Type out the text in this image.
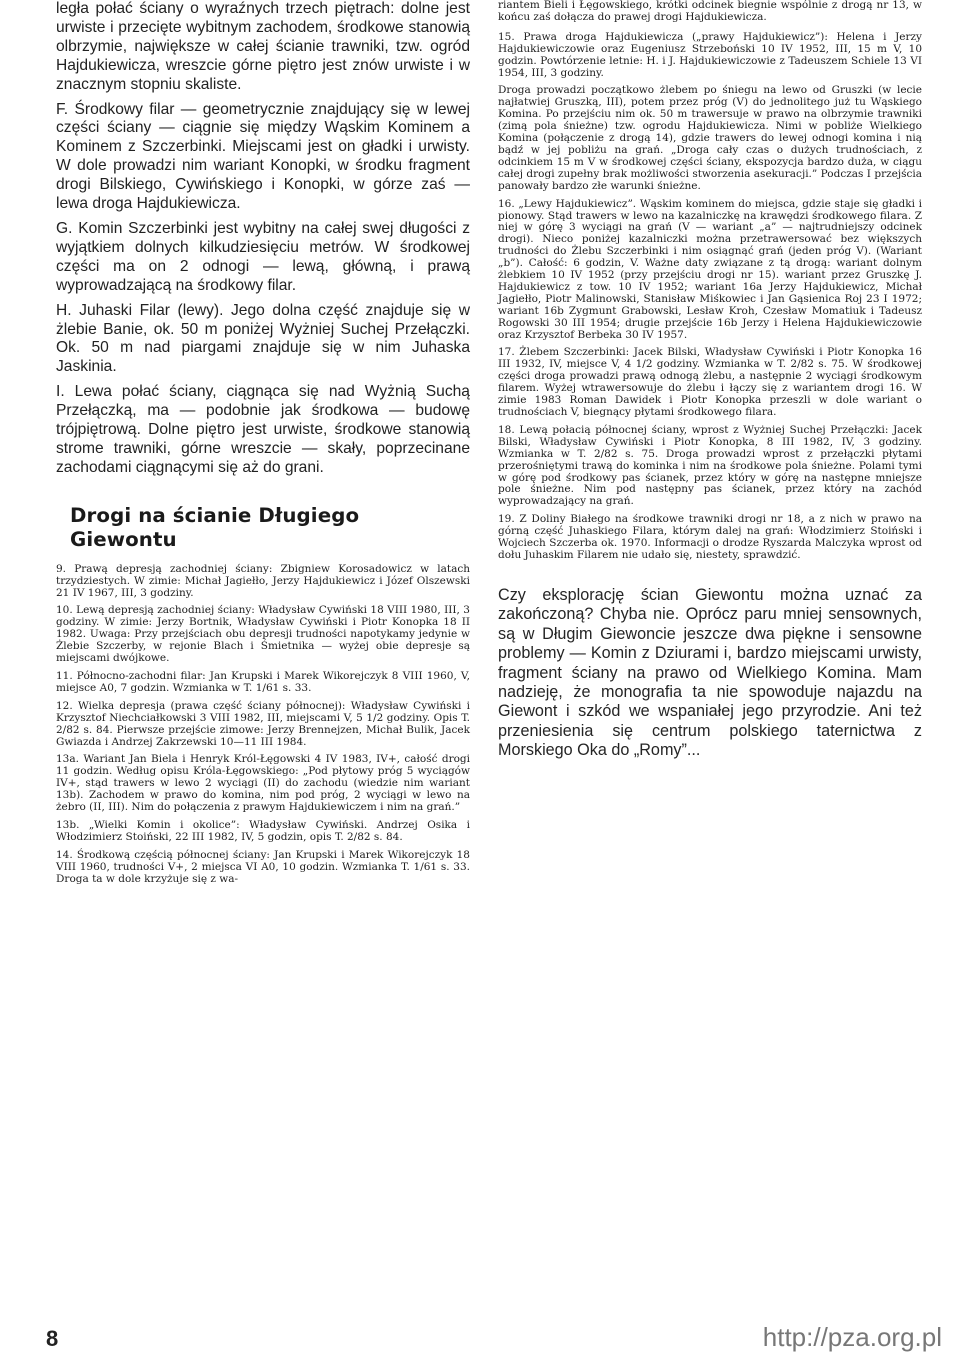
legła połać ściany o wyraźnych trzech piętrach: dolne jest urwiste i przecięte wybitnym zachodem, środkowe stanowią olbrzymie, największe w całej ścianie trawniki, tzw. ogród Hajdukiewicza, wreszcie górne piętro jest znów urwiste i w znacznym stopniu skaliste.

F. Środkowy filar — geometrycznie znajdujący się w lewej części ściany — ciągnie się między Wąskim Kominem a Kominem z Szczerbinki. Miejscami jest on gładki i urwisty. W dole prowadzi nim wariant Konopki, w środku fragment drogi Bilskiego, Cywińskiego i Konopki, w górze zaś — lewa droga Hajdukiewicza.

G. Komin Szczerbinki jest wybitny na całej swej długości z wyjątkiem dolnych kilkudziesięciu metrów. W środkowej części ma on 2 odnogi — lewą, główną, i prawą wyprowadzającą na środkowy filar.

H. Juhaski Filar (lewy). Jego dolna część znajduje się w żlebie Banie, ok. 50 m poniżej Wyżniej Suchej Przełączki. Ok. 50 m nad piargami znajduje się w nim Juhaska Jaskinia.

I. Lewa połać ściany, ciągnąca się nad Wyżnią Suchą Przełączką, ma — podobnie jak środkowa — budowę trójpiętrową. Dolne piętro jest urwiste, środkowe stanowią strome trawniki, górne wreszcie — skały, poprzecinane zachodami ciągnącymi się aż do grani.

Drogi na ścianie Długiego Giewontu

9. Prawą depresją zachodniej ściany: Zbigniew Korosadowicz w latach trzydziestych. W zimie: Michał Jagiełło, Jerzy Hajdukiewicz i Józef Olszewski 21 IV 1967, III, 3 godziny.

10. Lewą depresją zachodniej ściany: Władysław Cywiński 18 VIII 1980, III, 3 godziny. W zimie: Jerzy Bortnik, Władysław Cywiński i Piotr Konopka 18 II 1982. Uwaga: Przy przejściach obu depresji trudności napotykamy jedynie w Żlebie Szczerby, w rejonie Blach i Śmietnika — wyżej obie depresje są miejscami dwójkowe.

11. Północno-zachodni filar: Jan Krupski i Marek Wikorejczyk 8 VIII 1960, V, miejsce A0, 7 godzin. Wzmianka w T. 1/61 s. 33.

12. Wielka depresja (prawa część ściany północnej): Władysław Cywiński i Krzysztof Niechciałkowski 3 VIII 1982, III, miejscami V, 5 1/2 godziny. Opis T. 2/82 s. 84. Pierwsze przejście zimowe: Jerzy Brennejzen, Michał Bulik, Jacek Gwiazda i Andrzej Zakrzewski 10—11 III 1984.

13a. Wariant Jan Biela i Henryk Król-Łęgowski 4 IV 1983, IV+, całość drogi 11 godzin. Według opisu Króla-Łęgowskiego: „Pod płytowy próg 5 wyciągów IV+, stąd trawers w lewo 2 wyciągi (II) do zachodu (wiedzie nim wariant 13b). Zachodem w prawo do komina, nim pod próg, 2 wyciągi w lewo na żebro (II, III). Nim do połączenia z prawym Hajdukiewiczem i nim na grań.”

13b. „Wielki Komin i okolice”: Władysław Cywiński. Andrzej Osika i Włodzimierz Stoiński, 22 III 1982, IV, 5 godzin, opis T. 2/82 s. 84.

14. Środkową częścią północnej ściany: Jan Krupski i Marek Wikorejczyk 18 VIII 1960, trudności V+, 2 miejsca VI A0, 10 godzin. Wzmianka T. 1/61 s. 33. Droga ta w dole krzyżuje się z wa-

riantem Bieli i Łęgowskiego, krótki odcinek biegnie wspólnie z drogą nr 13, w końcu zaś dołącza do prawej drogi Hajdukiewicza.

15. Prawa droga Hajdukiewicza („prawy Hajdukiewicz”): Helena i Jerzy Hajdukiewiczowie oraz Eugeniusz Strzeboński 10 IV 1952, III, 15 m V, 10 godzin. Powtórzenie letnie: H. i J. Hajdukiewiczowie z Tadeuszem Schiele 13 VI 1954, III, 3 godziny.

Droga prowadzi początkowo żlebem po śniegu na lewo od Gruszki (w lecie najłatwiej Gruszką, III), potem przez próg (V) do jednolitego już tu Wąskiego Komina. Po przejściu nim ok. 50 m trawersuje w prawo na olbrzymie trawniki (zimą pola śnieżne) tzw. ogrodu Hajdukiewicza. Nimi w pobliże Wielkiego Komina (połączenie z drogą 14), gdzie trawers do lewej odnogi komina i nią bądź w jej pobliżu na grań. „Droga cały czas o dużych trudnościach, z odcinkiem 15 m V w środkowej części ściany, ekspozycja bardzo duża, w ciągu całej drogi zupełny brak możliwości stworzenia asekuracji.” Podczas I przejścia panowały bardzo złe warunki śnieżne.

16. „Lewy Hajdukiewicz”. Wąskim kominem do miejsca, gdzie staje się gładki i pionowy. Stąd trawers w lewo na kazalniczkę na krawędzi środkowego filara. Z niej w górę 3 wyciągi na grań (V — wariant „a” — najtrudniejszy odcinek drogi). Nieco poniżej kazalniczki można przetrawersować bez większych trudności do Żlebu Szczerbinki i nim osiągnąć grań (jeden próg V). (Wariant „b”). Całość: 6 godzin, V. Ważne daty związane z tą drogą: wariant dolnym żlebkiem 10 IV 1952 (przy przejściu drogi nr 15). wariant przez Gruszkę J. Hajdukiewicz z tow. 10 IV 1952; wariant 16a Jerzy Hajdukiewicz, Michał Jagiełło, Piotr Malinowski, Stanisław Miśkowiec i Jan Gąsienica Roj 23 I 1972; wariant 16b Zygmunt Grabowski, Lesław Kroh, Czesław Momatiuk i Tadeusz Rogowski 30 III 1954; drugie przejście 16b Jerzy i Helena Hajdukiewiczowie oraz Krzysztof Berbeka 30 IV 1957.

17. Żlebem Szczerbinki: Jacek Bilski, Władysław Cywiński i Piotr Konopka 16 III 1932, IV, miejsce V, 4 1/2 godziny. Wzmianka w T. 2/82 s. 75. W środkowej części droga prowadzi prawą odnogą żlebu, a następnie 2 wyciągi środkowym filarem. Wyżej wtrawersowuje do żlebu i łączy się z wariantem drogi 16. W zimie 1983 Roman Dawidek i Piotr Konopka przeszli w dole wariant o trudnościach V, biegnący płytami środkowego filara.

18. Lewą połacią północnej ściany, wprost z Wyżniej Suchej Przełączki: Jacek Bilski, Władysław Cywiński i Piotr Konopka, 8 III 1982, IV, 3 godziny. Wzmianka w T. 2/82 s. 75. Droga prowadzi wprost z przełączki płytami przerośniętymi trawą do kominka i nim na środkowe pola śnieżne. Polami tymi w górę pod środkowy pas ścianek, przez który w górę na następne mniejsze pole śnieżne. Nim pod następny pas ścianek, przez który na zachód wyprowadzający na grań.

19. Z Doliny Białego na środkowe trawniki drogi nr 18, a z nich w prawo na górną część Juhaskiego Filara, którym dalej na grań: Włodzimierz Stoiński i Wojciech Szczerba ok. 1970. Informacji o drodze Ryszarda Malczyka wprost od dołu Juhaskim Filarem nie udało się, niestety, sprawdzić.

Czy eksplorację ścian Giewontu można uznać za zakończoną? Chyba nie. Oprócz paru mniej sensownych, są w Długim Giewoncie jeszcze dwa piękne i sensowne problemy — Komin z Dziurami i, bardzo miejscami urwisty, fragment ściany na prawo od Wielkiego Komina. Mam nadzieję, że monografia ta nie spowoduje najazdu na Giewont i szkód we wspaniałej jego przyrodzie. Ani też przeniesienia się centrum polskiego taternictwa z Morskiego Oka do „Romy”...

8	http://pza.org.pl
